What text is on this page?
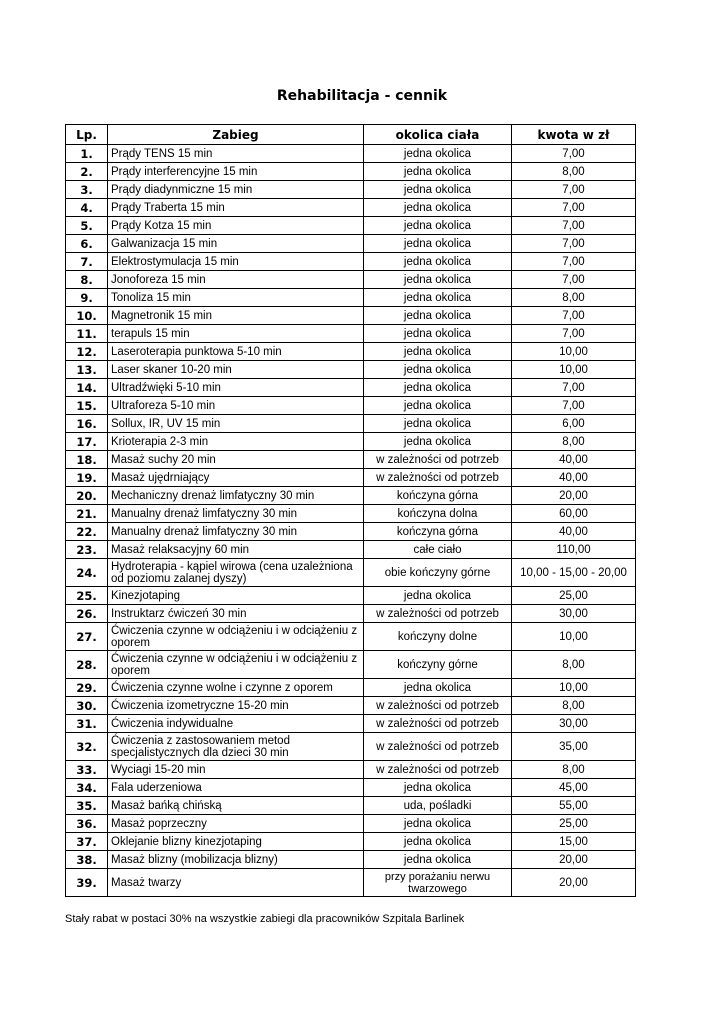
Rehabilitacja - cennik
Lp.	Zabieg	okolica ciała	kwota w zł
1.	Prądy TENS 15 min	jedna okolica	7,00
2.	Prądy interferencyjne 15 min	jedna okolica	8,00
3.	Prądy diadynmiczne 15 min	jedna okolica	7,00
4.	Prądy Traberta 15 min	jedna okolica	7,00
5.	Prądy Kotza 15 min	jedna okolica	7,00
6.	Galwanizacja 15 min	jedna okolica	7,00
7.	Elektrostymulacja 15 min	jedna okolica	7,00
8.	Jonoforeza 15 min	jedna okolica	7,00
9.	Tonoliza 15 min	jedna okolica	8,00
10.	Magnetronik 15 min	jedna okolica	7,00
11.	terapuls 15 min	jedna okolica	7,00
12.	Laseroterapia punktowa 5-10 min	jedna okolica	10,00
13.	Laser skaner 10-20 min	jedna okolica	10,00
14.	Ultradźwięki 5-10 min	jedna okolica	7,00
15.	Ultraforeza 5-10 min	jedna okolica	7,00
16.	Sollux, IR, UV 15 min	jedna okolica	6,00
17.	Krioterapia 2-3 min	jedna okolica	8,00
18.	Masaż suchy 20 min	w zależności od potrzeb	40,00
19.	Masaż ujędrniający	w zależności od potrzeb	40,00
20.	Mechaniczny drenaż limfatyczny 30 min	kończyna górna	20,00
21.	Manualny drenaż limfatyczny 30 min	kończyna dolna	60,00
22.	Manualny drenaż limfatyczny 30 min	kończyna górna	40,00
23.	Masaż relaksacyjny 60 min	całe ciało	110,00
24.	Hydroterapia - kąpiel wirowa (cena uzależniona od poziomu zalanej dyszy)	obie kończyny górne	10,00 - 15,00 - 20,00
25.	Kinezjotaping	jedna okolica	25,00
26.	Instruktarz ćwiczeń 30 min	w zależności od potrzeb	30,00
27.	Ćwiczenia czynne w odciążeniu i w odciążeniu z oporem	kończyny dolne	10,00
28.	Ćwiczenia czynne w odciążeniu i w odciążeniu z oporem	kończyny górne	8,00
29.	Ćwiczenia czynne wolne i czynne z oporem	jedna okolica	10,00
30.	Ćwiczenia izometryczne 15-20 min	w zależności od potrzeb	8,00
31.	Ćwiczenia indywidualne	w zależności od potrzeb	30,00
32.	Ćwiczenia z zastosowaniem metod specjalistycznych dla dzieci 30 min	w zależności od potrzeb	35,00
33.	Wyciagi 15-20 min	w zależności od potrzeb	8,00
34.	Fala uderzeniowa	jedna okolica	45,00
35.	Masaż bańką chińską	uda, pośladki	55,00
36.	Masaż poprzeczny	jedna okolica	25,00
37.	Oklejanie blizny kinezjotaping	jedna okolica	15,00
38.	Masaż blizny (mobilizacja blizny)	jedna okolica	20,00
39.	Masaż twarzy	przy porażaniu nerwu twarzowego	20,00
Stały rabat w postaci 30% na wszystkie zabiegi dla pracowników Szpitala Barlinek
